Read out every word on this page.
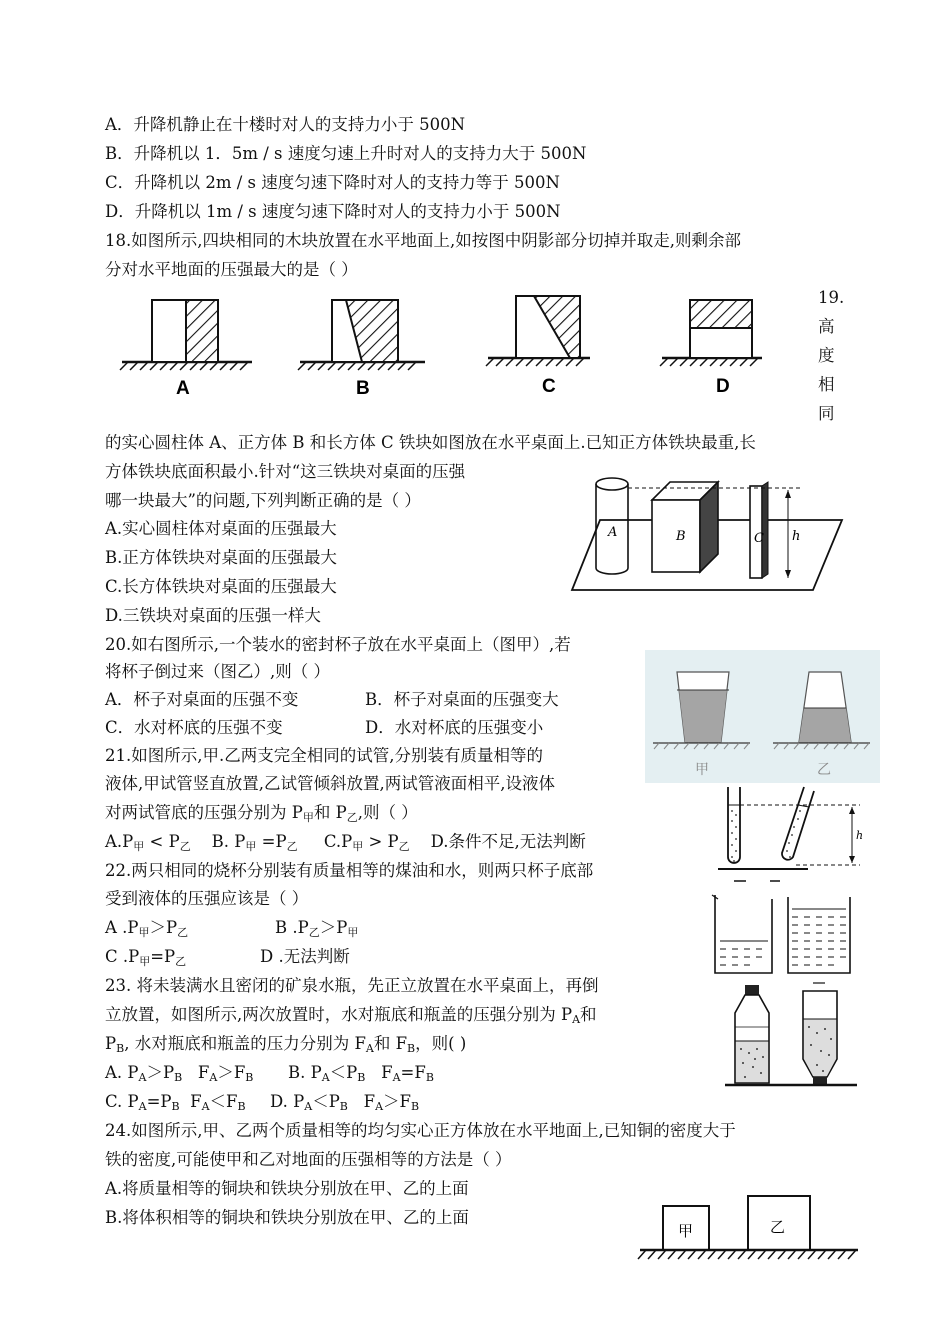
A．升降机静止在十楼时对人的支持力小于 500N
B．升降机以 1．5m / s 速度匀速上升时对人的支持力大于 500N
C．升降机以 2m / s 速度匀速下降时对人的支持力等于 500N
D．升降机以 1m / s 速度匀速下降时对人的支持力小于 500N
18.如图所示,四块相同的木块放置在水平地面上,如按图中阴影部分切掉并取走,则剩余部
分对水平地面的压强最大的是（ ）
A	B	C	D
19.
高
度
相
同
的实心圆柱体 A、正方体 B 和长方体 C 铁块如图放在水平桌面上.已知正方体铁块最重,长
方体铁块底面积最小.针对“这三铁块对桌面的压强
哪一块最大”的问题,下列判断正确的是（ ）
A.实心圆柱体对桌面的压强最大
B.正方体铁块对桌面的压强最大
C.长方体铁块对桌面的压强最大
D.三铁块对桌面的压强一样大
A	B	C h
20.如右图所示,一个装水的密封杯子放在水平桌面上（图甲）,若
将杯子倒过来（图乙）,则（ ）
A．杯子对桌面的压强不变	B．杯子对桌面的压强变大
C．水对杯底的压强不变	D．水对杯底的压强变小
甲	乙
21.如图所示,甲.乙两支完全相同的试管,分别装有质量相等的
液体,甲试管竖直放置,乙试管倾斜放置,两试管液面相平,设液体
对两试管底的压强分别为 $P_甲$和 $P_乙$,则（ ）
$A.P_甲 < P_乙$ B. $P_甲 =P_乙$ $C.P_甲 > P_乙$ D.条件不足,无法判断	h
22.两只相同的烧杯分别装有质量相等的煤油和水，则两只杯子底部
受到液体的压强应该是（ ）
A $.P_甲>P_乙$	B $.P_乙>P_甲$
C $.P_甲=P_乙$	D .无法判断
23. 将未装满水且密闭的矿泉水瓶，先正立放置在水平桌面上，再倒
立放置，如图所示,两次放置时，水对瓶底和瓶盖的压强分别为 $P_A$和
$P_B$, 水对瓶底和瓶盖的压力分别为 $F_A$和 $F_B$，则( )
A. $P_A>P_B$ $F_A>F_B$ B. $P_A<P_B$ $F_A=F_B$
C. $P_A=P_B$ $F_A<F_B$ D. $P_A<P_B$ $F_A>F_B$
24.如图所示,甲、乙两个质量相等的均匀实心正方体放在水平地面上,已知铜的密度大于
铁的密度,可能使甲和乙对地面的压强相等的方法是（ ）
A.将质量相等的铜块和铁块分别放在甲、乙的上面
B.将体积相等的铜块和铁块分别放在甲、乙的上面
甲	乙
